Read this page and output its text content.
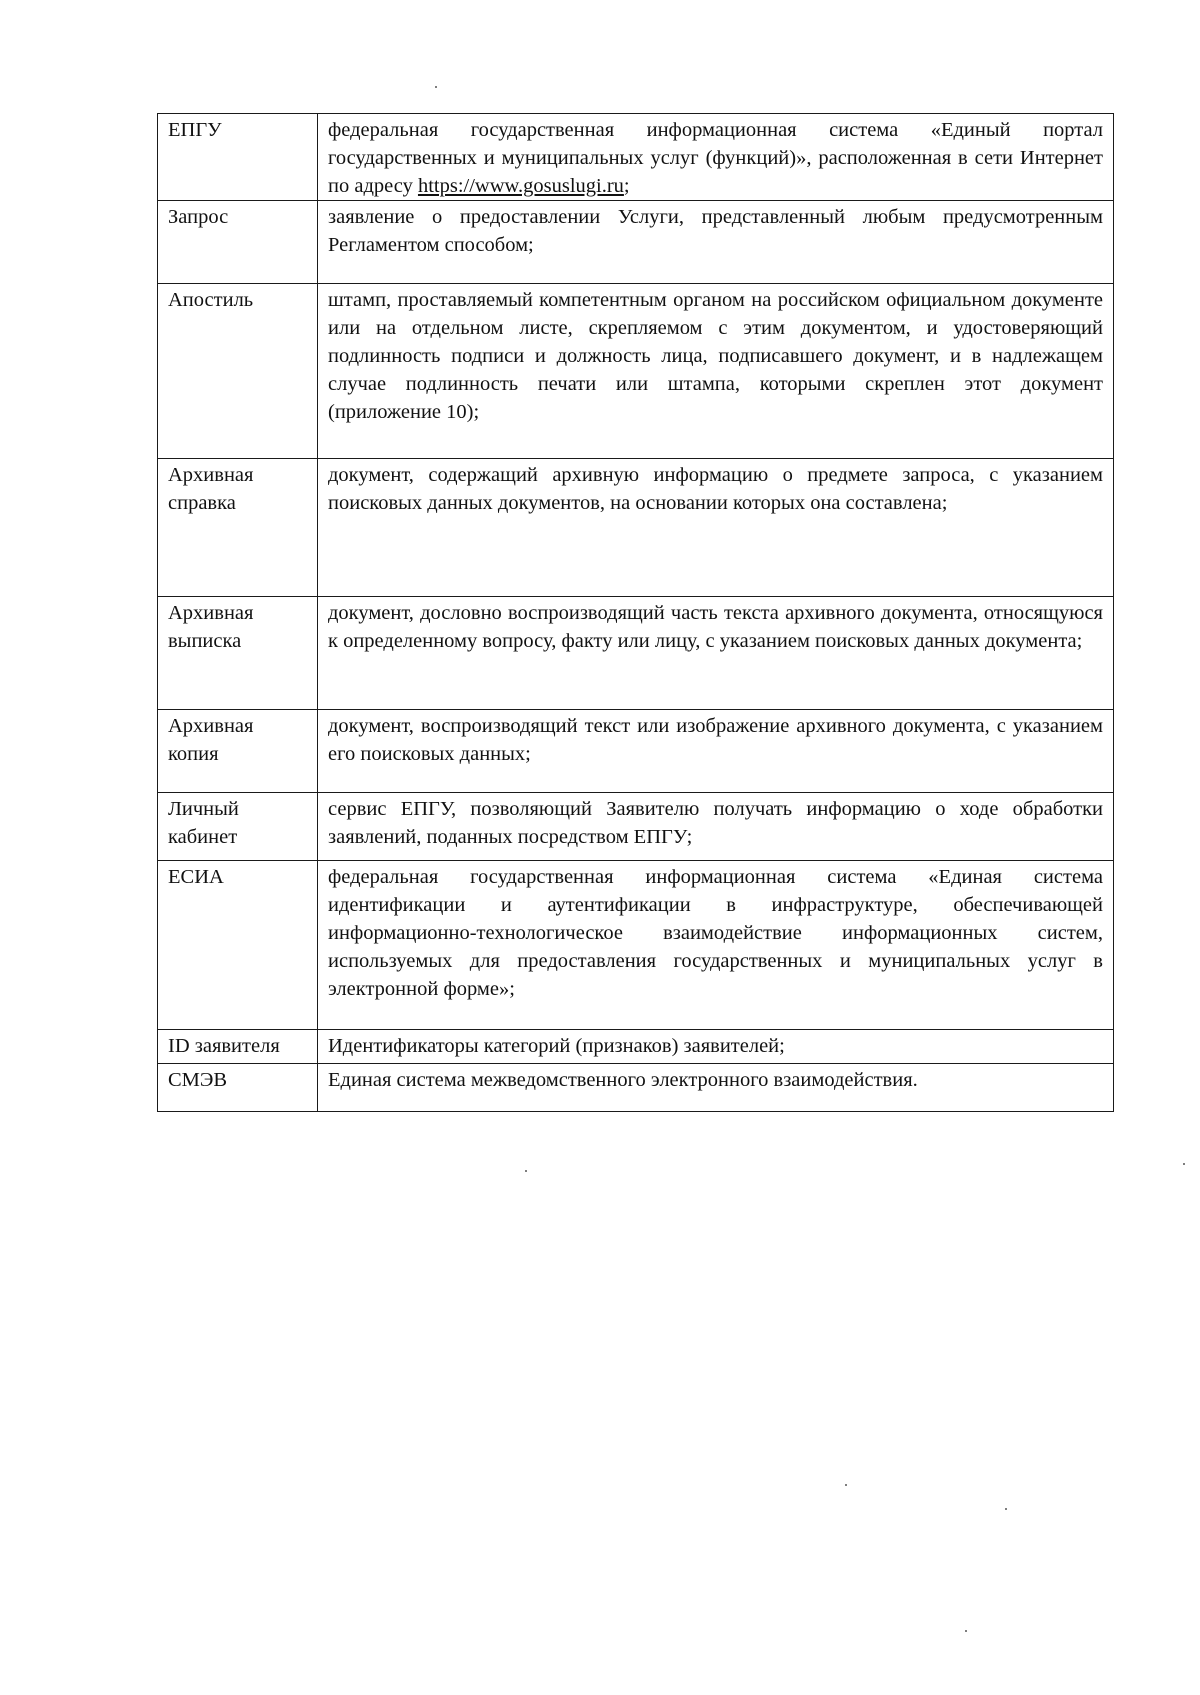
ЕПГУ	федеральная государственная информационная система «Единый портал государственных и муниципальных услуг (функций)», расположенная в сети Интернет по адресу https://www.gosuslugi.ru;
Запрос	заявление о предоставлении Услуги, представленный любым предусмотренным Регламентом способом;
Апостиль	штамп, проставляемый компетентным органом на российском официальном документе или на отдельном листе, скрепляемом с этим документом, и удостоверяющий подлинность подписи и должность лица, подписавшего документ, и в надлежащем случае подлинность печати или штампа, которыми скреплен этот документ (приложение 10);
Архивная справка	документ, содержащий архивную информацию о предмете запроса, с указанием поисковых данных документов, на основании которых она составлена;
Архивная выписка	документ, дословно воспроизводящий часть текста архивного документа, относящуюся к определенному вопросу, факту или лицу, с указанием поисковых данных документа;
Архивная копия	документ, воспроизводящий текст или изображение архивного документа, с указанием его поисковых данных;
Личный кабинет	сервис ЕПГУ, позволяющий Заявителю получать информацию о ходе обработки заявлений, поданных посредством ЕПГУ;
ЕСИА	федеральная государственная информационная система «Единая система идентификации и аутентификации в инфраструктуре, обеспечивающей информационно-технологическое взаимодействие информационных систем, используемых для предоставления государственных и муниципальных услуг в электронной форме»;
ID заявителя	Идентификаторы категорий (признаков) заявителей;
СМЭВ	Единая система межведомственного электронного взаимодействия.
